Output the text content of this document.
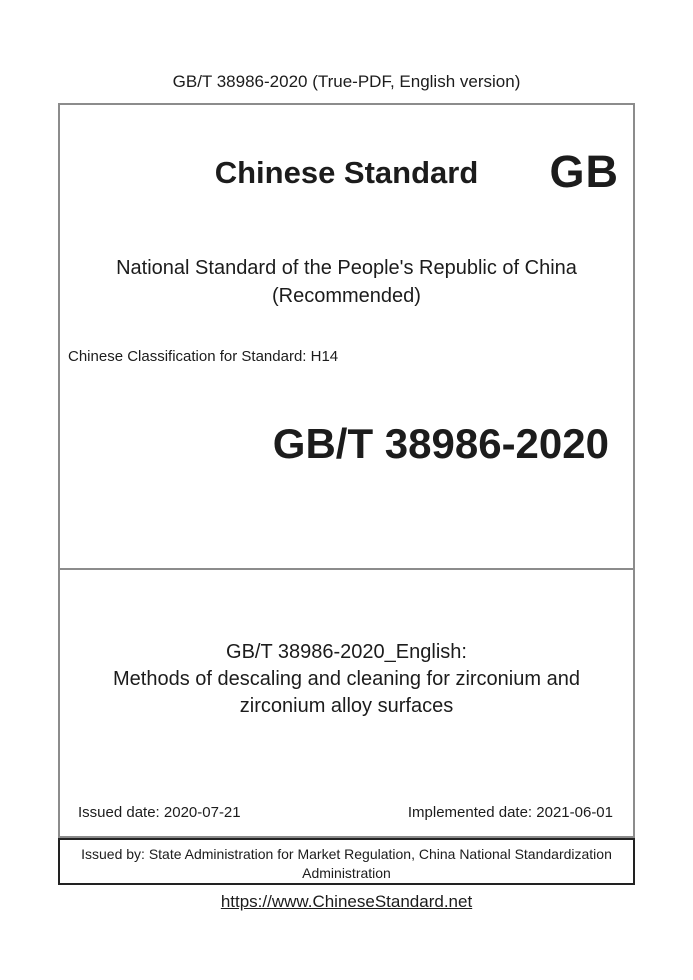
GB/T 38986-2020 (True-PDF, English version)
Chinese Standard	GB
National Standard of the People's Republic of China
(Recommended)
Chinese Classification for Standard: H14
GB/T 38986-2020
GB/T 38986-2020_English:
Methods of descaling and cleaning for zirconium and
zirconium alloy surfaces
Issued date: 2020-07-21	Implemented date: 2021-06-01
Issued by: State Administration for Market Regulation, China National Standardization
Administration
https://www.ChineseStandard.net
